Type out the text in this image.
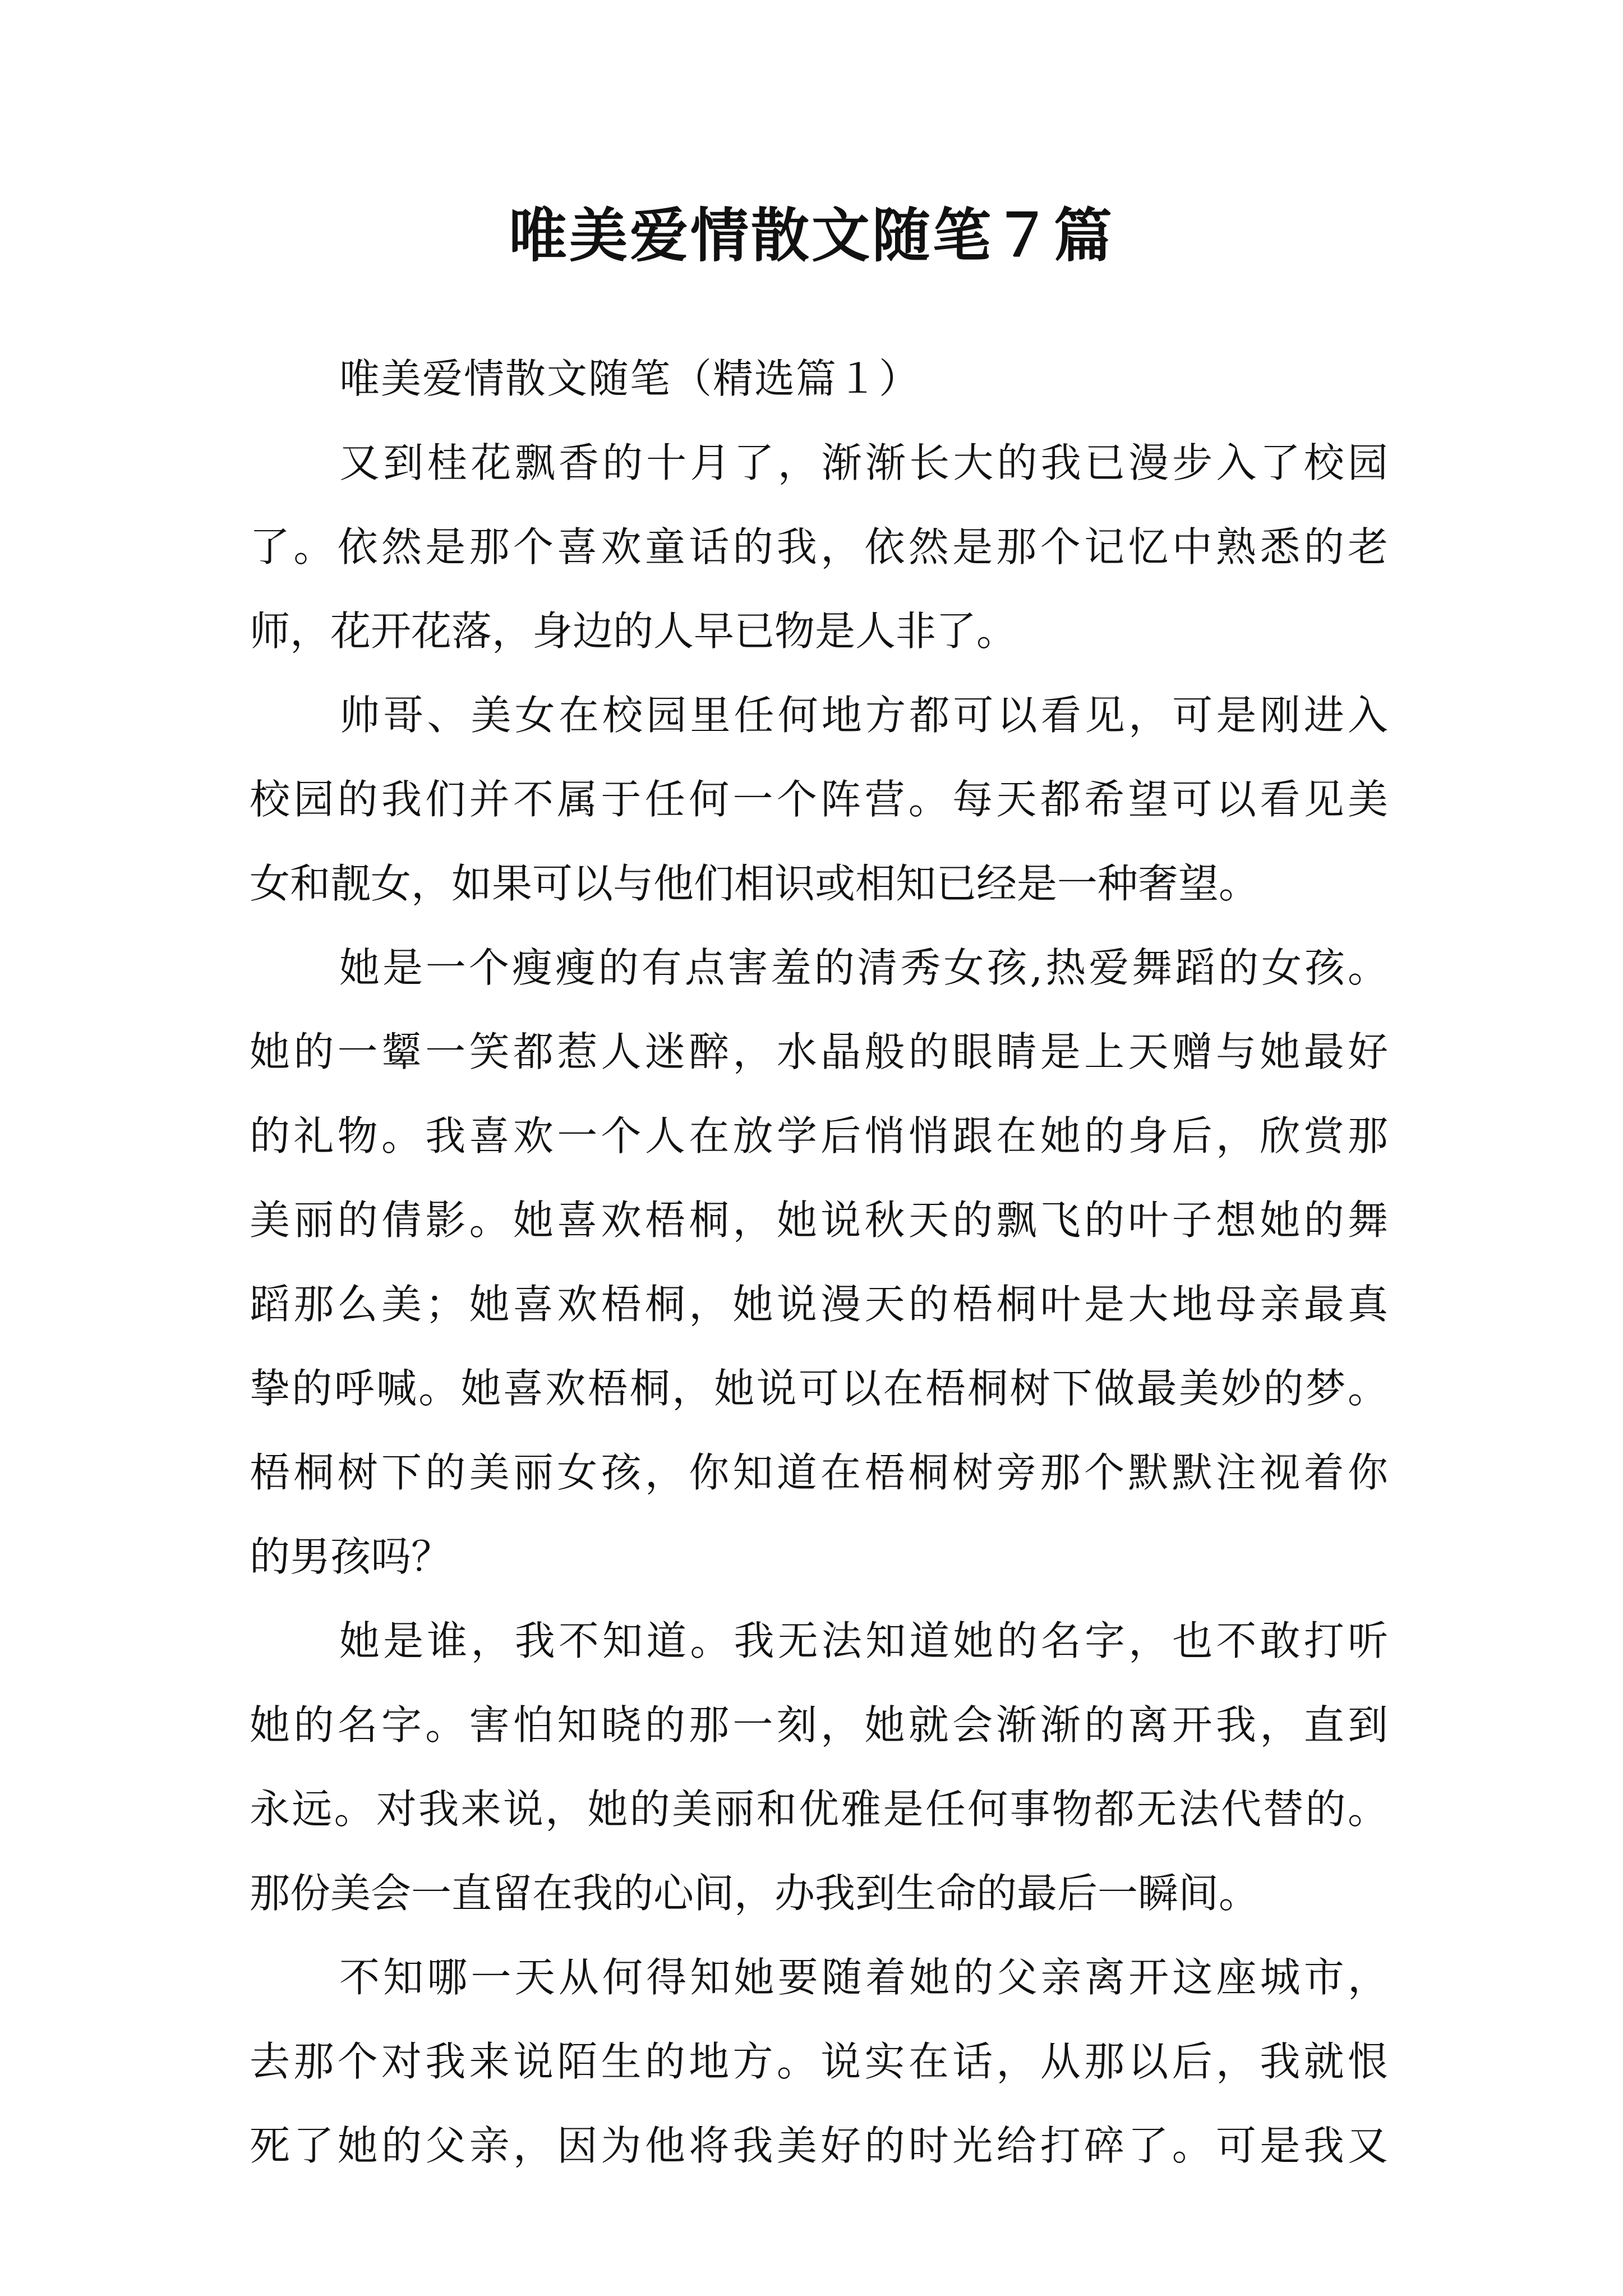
唯美爱情散文随笔７篇

唯美爱情散文随笔（精选篇１）

又到桂花飘香的十月了，渐渐长大的我已漫步入了校园
了。依然是那个喜欢童话的我，依然是那个记忆中熟悉的老
师，花开花落，身边的人早已物是人非了。
帅哥、美女在校园里任何地方都可以看见，可是刚进入
校园的我们并不属于任何一个阵营。每天都希望可以看见美
女和靓女，如果可以与他们相识或相知已经是一种奢望。
她是一个瘦瘦的有点害羞的清秀女孩,热爱舞蹈的女孩。
她的一颦一笑都惹人迷醉，水晶般的眼睛是上天赠与她最好
的礼物。我喜欢一个人在放学后悄悄跟在她的身后，欣赏那
美丽的倩影。她喜欢梧桐，她说秋天的飘飞的叶子想她的舞
蹈那么美；她喜欢梧桐，她说漫天的梧桐叶是大地母亲最真
挚的呼喊。她喜欢梧桐，她说可以在梧桐树下做最美妙的梦。
梧桐树下的美丽女孩，你知道在梧桐树旁那个默默注视着你
的男孩吗？
她是谁，我不知道。我无法知道她的名字，也不敢打听
她的名字。害怕知晓的那一刻，她就会渐渐的离开我，直到
永远。对我来说，她的美丽和优雅是任何事物都无法代替的。
那份美会一直留在我的心间，办我到生命的最后一瞬间。
不知哪一天从何得知她要随着她的父亲离开这座城市，
去那个对我来说陌生的地方。说实在话，从那以后，我就恨
死了她的父亲，因为他将我美好的时光给打碎了。可是我又
